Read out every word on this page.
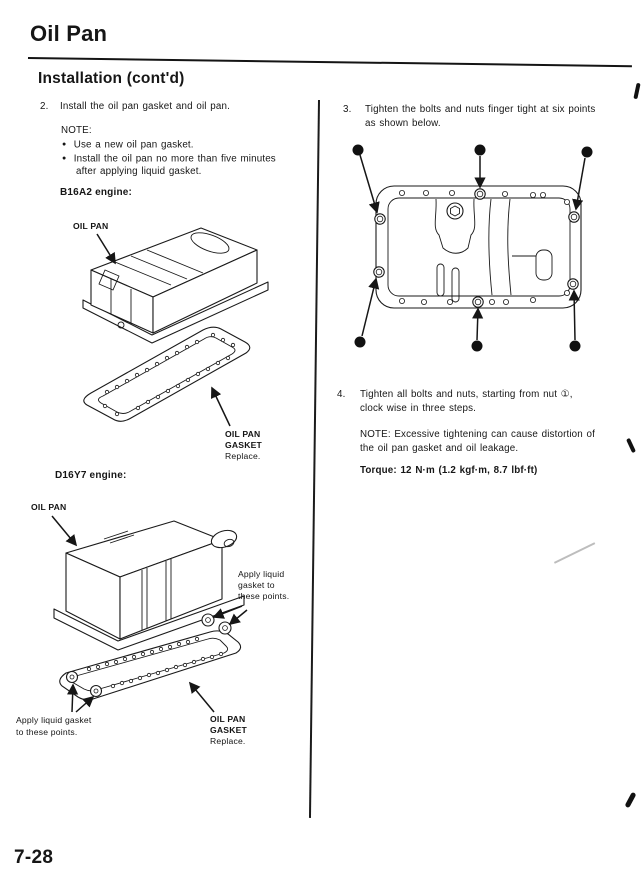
Oil Pan
Installation (cont'd)
2. Install the oil pan gasket and oil pan.
NOTE:
● Use a new oil pan gasket.
● Install the oil pan no more than five minutes
after applying liquid gasket.
B16A2 engine:
OIL PAN
OIL PAN
GASKET
Replace.
D16Y7 engine:
OIL PAN
Apply liquid
gasket to
these points.
Apply liquid gasket
to these points.
OIL PAN
GASKET
Replace.
3. Tighten the bolts and nuts finger tight at six points
as shown below.
4. Tighten all bolts and nuts, starting from nut ①,
clock wise in three steps.
NOTE: Excessive tightening can cause distortion of
the oil pan gasket and oil leakage.
Torque: 12 N·m (1.2 kgf·m, 8.7 lbf·ft)
7-28
